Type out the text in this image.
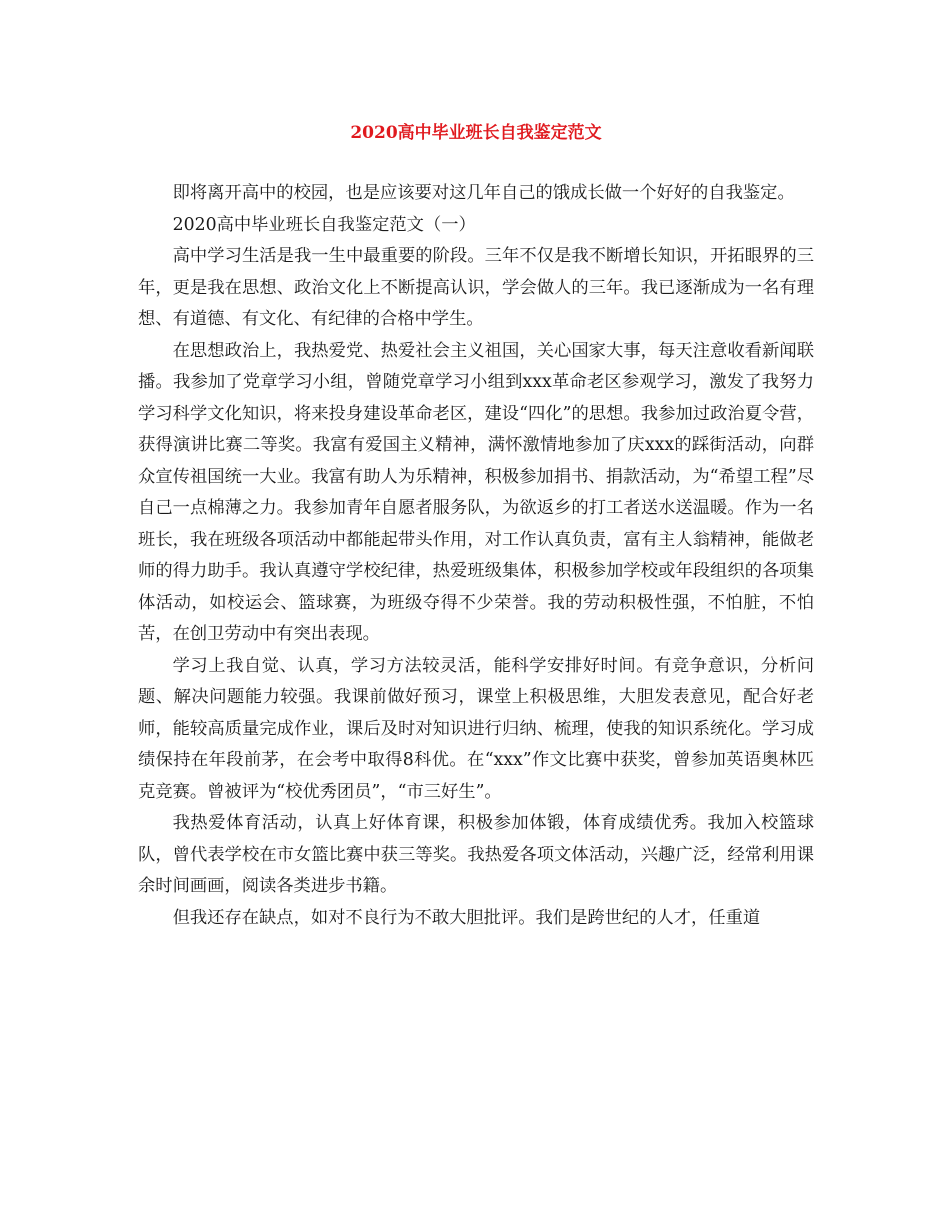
2020高中毕业班长自我鉴定范文

即将离开高中的校园，也是应该要对这几年自己的饿成长做一个好好的自我鉴定。

2020高中毕业班长自我鉴定范文（一）

高中学习生活是我一生中最重要的阶段。三年不仅是我不断增长知识，开拓眼界的三年，更是我在思想、政治文化上不断提高认识，学会做人的三年。我已逐渐成为一名有理想、有道德、有文化、有纪律的合格中学生。

在思想政治上，我热爱党、热爱社会主义祖国，关心国家大事，每天注意收看新闻联播。我参加了党章学习小组，曾随党章学习小组到xxx革命老区参观学习，激发了我努力学习科学文化知识，将来投身建设革命老区，建设“四化”的思想。我参加过政治夏令营，获得演讲比赛二等奖。我富有爱国主义精神，满怀激情地参加了庆xxx的踩街活动，向群众宣传祖国统一大业。我富有助人为乐精神，积极参加捐书、捐款活动，为“希望工程”尽自己一点棉薄之力。我参加青年自愿者服务队，为欲返乡的打工者送水送温暖。作为一名班长，我在班级各项活动中都能起带头作用，对工作认真负责，富有主人翁精神，能做老师的得力助手。我认真遵守学校纪律，热爱班级集体，积极参加学校或年段组织的各项集体活动，如校运会、篮球赛，为班级夺得不少荣誉。我的劳动积极性强，不怕脏，不怕苦，在创卫劳动中有突出表现。

学习上我自觉、认真，学习方法较灵活，能科学安排好时间。有竞争意识，分析问题、解决问题能力较强。我课前做好预习，课堂上积极思维，大胆发表意见，配合好老师，能较高质量完成作业，课后及时对知识进行归纳、梳理，使我的知识系统化。学习成绩保持在年段前茅，在会考中取得8科优。在“xxx”作文比赛中获奖，曾参加英语奥林匹克竞赛。曾被评为“校优秀团员”，“市三好生”。

我热爱体育活动，认真上好体育课，积极参加体锻，体育成绩优秀。我加入校篮球队，曾代表学校在市女篮比赛中获三等奖。我热爱各项文体活动，兴趣广泛，经常利用课余时间画画，阅读各类进步书籍。

但我还存在缺点，如对不良行为不敢大胆批评。我们是跨世纪的人才，任重道
